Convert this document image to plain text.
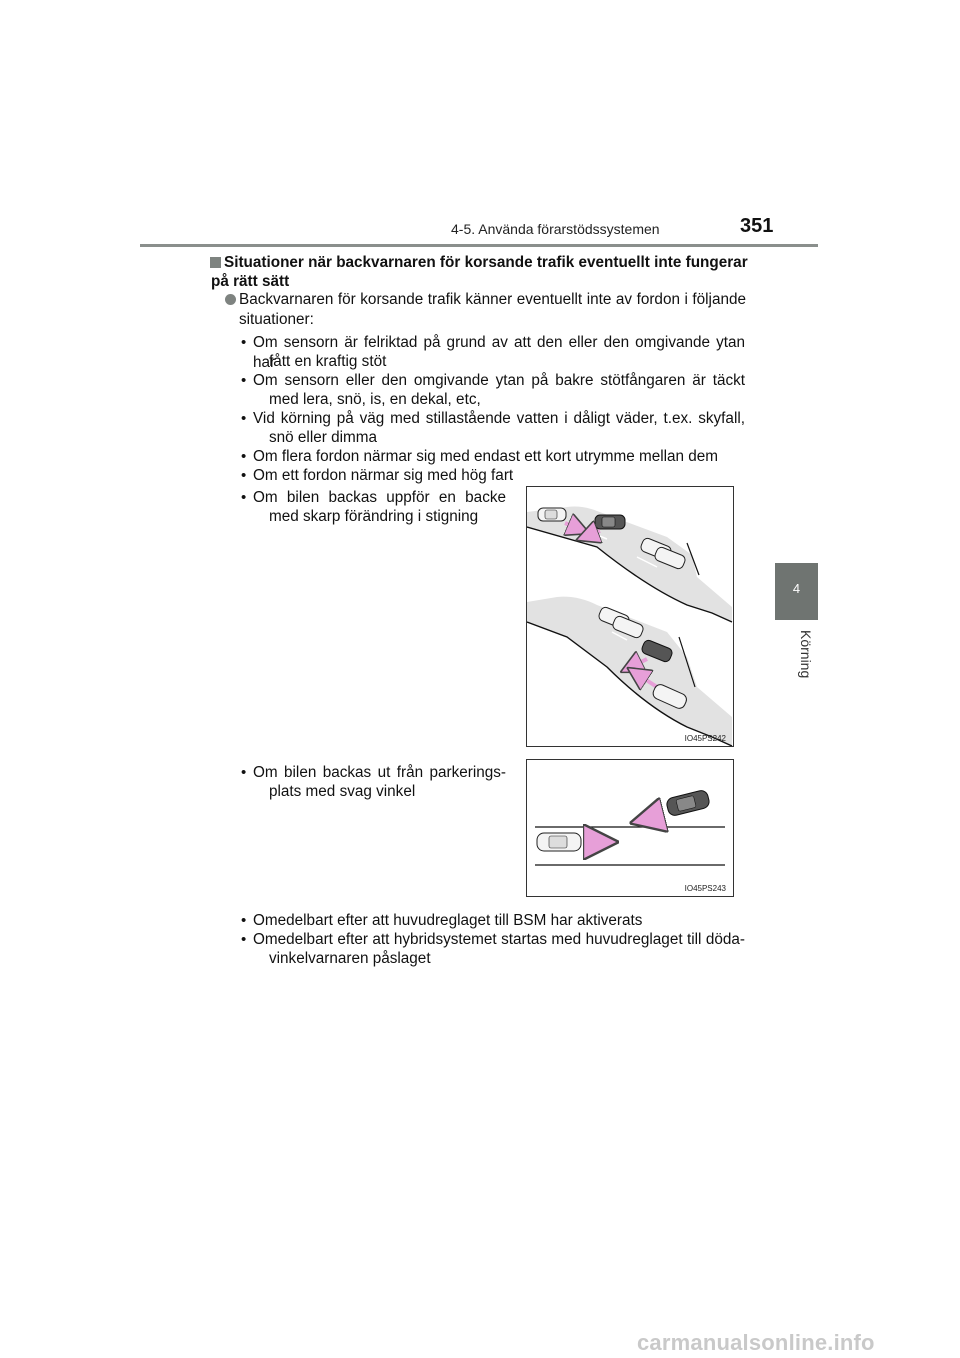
4-5. Använda förarstödssystemen	351
4
Körning
Situationer när backvarnaren för korsande trafik eventuellt inte fungerar
på rätt sätt
Backvarnaren för korsande trafik känner eventuellt inte av fordon i följande
situationer:
• Om sensorn är felriktad på grund av att den eller den omgivande ytan har
fått en kraftig stöt
• Om sensorn eller den omgivande ytan på bakre stötfångaren är täckt
med lera, snö, is, en dekal, etc,
• Vid körning på väg med stillastående vatten i dåligt väder, t.ex. skyfall,
snö eller dimma
• Om flera fordon närmar sig med endast ett kort utrymme mellan dem
• Om ett fordon närmar sig med hög fart
• Om bilen backas uppför en backe
med skarp förändring i stigning
• Om bilen backas ut från parkerings-
plats med svag vinkel
• Omedelbart efter att huvudreglaget till BSM har aktiverats
• Omedelbart efter att hybridsystemet startas med huvudreglaget till döda-
vinkelvarnaren påslaget
IO45PS242
IO45PS243
carmanualsonline.info
